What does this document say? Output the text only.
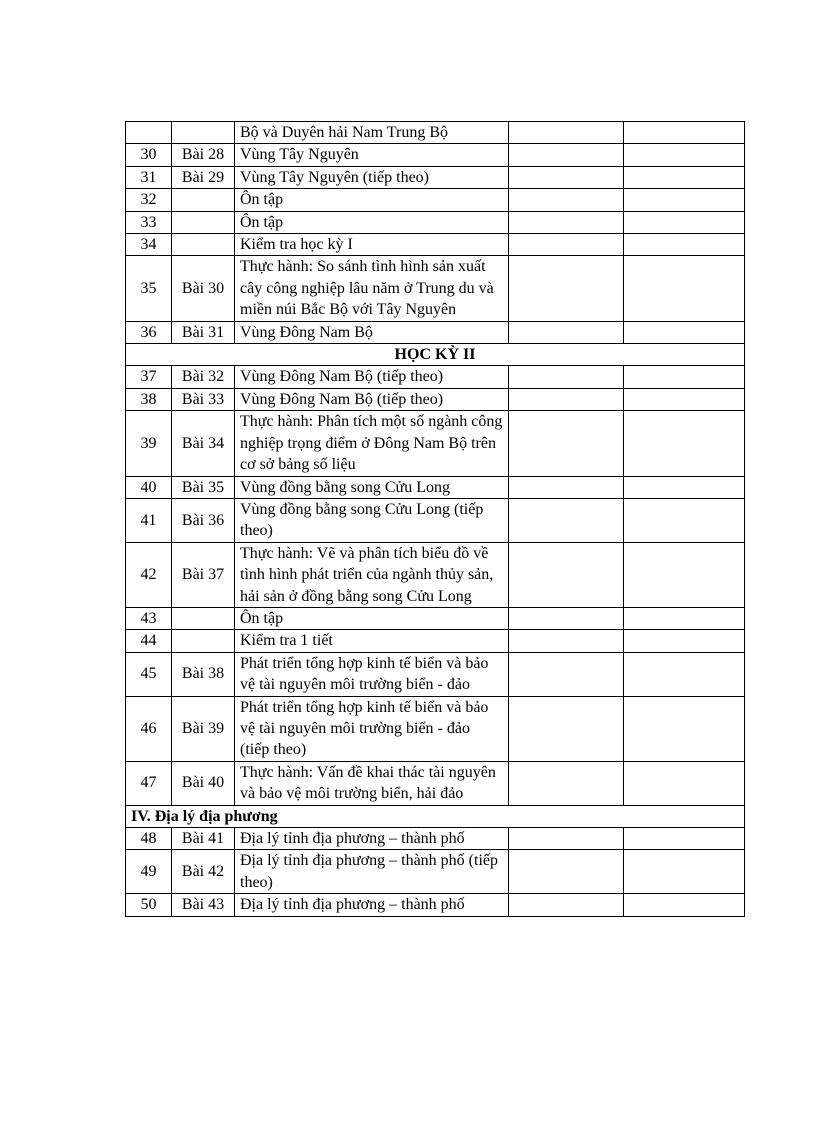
		Bộ và Duyên hải Nam Trung Bộ		
30	Bài 28	Vùng Tây Nguyên		
31	Bài 29	Vùng Tây Nguyên (tiếp theo)		
32		Ôn tập		
33		Ôn tập		
34		Kiểm tra học kỳ I		
35	Bài 30	Thực hành: So sánh tình hình sản xuất cây công nghiệp lâu năm ở Trung du và miền núi Bắc Bộ với Tây Nguyên		
36	Bài 31	Vùng Đông Nam Bộ		
HỌC KỲ II				
37	Bài 32	Vùng Đông Nam Bộ (tiếp theo)		
38	Bài 33	Vùng Đông Nam Bộ (tiếp theo)		
39	Bài 34	Thực hành: Phân tích một số ngành công nghiệp trọng điểm ở Đông Nam Bộ trên cơ sở bảng số liệu		
40	Bài 35	Vùng đồng bằng song Cửu Long		
41	Bài 36	Vùng đồng bằng song Cửu Long (tiếp theo)		
42	Bài 37	Thực hành: Vẽ và phân tích biểu đồ về tình hình phát triển của ngành thủy sản, hải sản ở đồng bằng song Cửu Long		
43		Ôn tập		
44		Kiểm tra 1 tiết		
45	Bài 38	Phát triển tổng hợp kinh tế biển và bảo vệ tài nguyên môi trường biển - đảo		
46	Bài 39	Phát triển tổng hợp kinh tế biển và bảo vệ tài nguyên môi trường biển - đảo (tiếp theo)		
47	Bài 40	Thực hành: Vấn đề khai thác tài nguyên và bảo vệ môi trường biển, hải đảo		
IV. Địa lý địa phương				
48	Bài 41	Địa lý tỉnh địa phương – thành phố		
49	Bài 42	Địa lý tỉnh địa phương – thành phố (tiếp theo)		
50	Bài 43	Địa lý tỉnh địa phương – thành phố		
